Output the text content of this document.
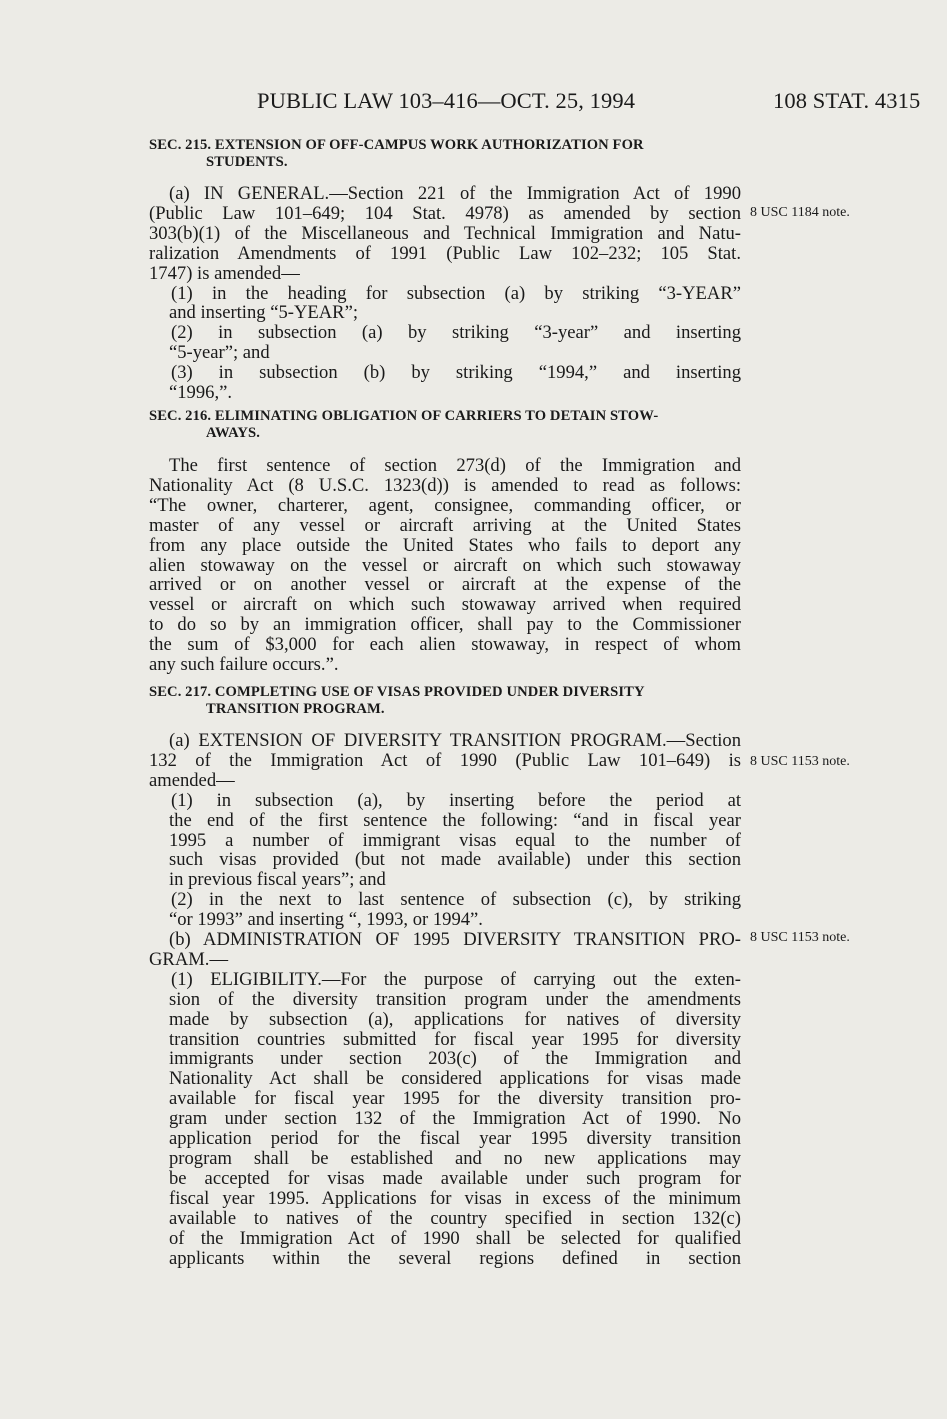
PUBLIC LAW 103–416—OCT. 25, 1994	108 STAT. 4315
SEC. 215. EXTENSION OF OFF-CAMPUS WORK AUTHORIZATION FOR
STUDENTS.
(a) IN GENERAL.—Section 221 of the Immigration Act of 1990
(Public Law 101–649; 104 Stat. 4978) as amended by section
303(b)(1) of the Miscellaneous and Technical Immigration and Natu-
ralization Amendments of 1991 (Public Law 102–232; 105 Stat.
1747) is amended—
(1) in the heading for subsection (a) by striking “3-YEAR”
and inserting “5-YEAR”;
(2) in subsection (a) by striking “3-year” and inserting
“5-year”; and
(3) in subsection (b) by striking “1994,” and inserting
“1996,”.
8 USC 1184 note.
SEC. 216. ELIMINATING OBLIGATION OF CARRIERS TO DETAIN STOW-
AWAYS.
The first sentence of section 273(d) of the Immigration and
Nationality Act (8 U.S.C. 1323(d)) is amended to read as follows:
“The owner, charterer, agent, consignee, commanding officer, or
master of any vessel or aircraft arriving at the United States
from any place outside the United States who fails to deport any
alien stowaway on the vessel or aircraft on which such stowaway
arrived or on another vessel or aircraft at the expense of the
vessel or aircraft on which such stowaway arrived when required
to do so by an immigration officer, shall pay to the Commissioner
the sum of $3,000 for each alien stowaway, in respect of whom
any such failure occurs.”.
SEC. 217. COMPLETING USE OF VISAS PROVIDED UNDER DIVERSITY
TRANSITION PROGRAM.
(a) EXTENSION OF DIVERSITY TRANSITION PROGRAM.—Section
132 of the Immigration Act of 1990 (Public Law 101–649) is
amended—
(1) in subsection (a), by inserting before the period at
the end of the first sentence the following: “and in fiscal year
1995 a number of immigrant visas equal to the number of
such visas provided (but not made available) under this section
in previous fiscal years”; and
(2) in the next to last sentence of subsection (c), by striking
“or 1993” and inserting “, 1993, or 1994”.
8 USC 1153 note.
(b) ADMINISTRATION OF 1995 DIVERSITY TRANSITION PRO-
GRAM.—
(1) ELIGIBILITY.—For the purpose of carrying out the exten-
sion of the diversity transition program under the amendments
made by subsection (a), applications for natives of diversity
transition countries submitted for fiscal year 1995 for diversity
immigrants under section 203(c) of the Immigration and
Nationality Act shall be considered applications for visas made
available for fiscal year 1995 for the diversity transition pro-
gram under section 132 of the Immigration Act of 1990. No
application period for the fiscal year 1995 diversity transition
program shall be established and no new applications may
be accepted for visas made available under such program for
fiscal year 1995. Applications for visas in excess of the minimum
available to natives of the country specified in section 132(c)
of the Immigration Act of 1990 shall be selected for qualified
applicants within the several regions defined in section
8 USC 1153 note.
